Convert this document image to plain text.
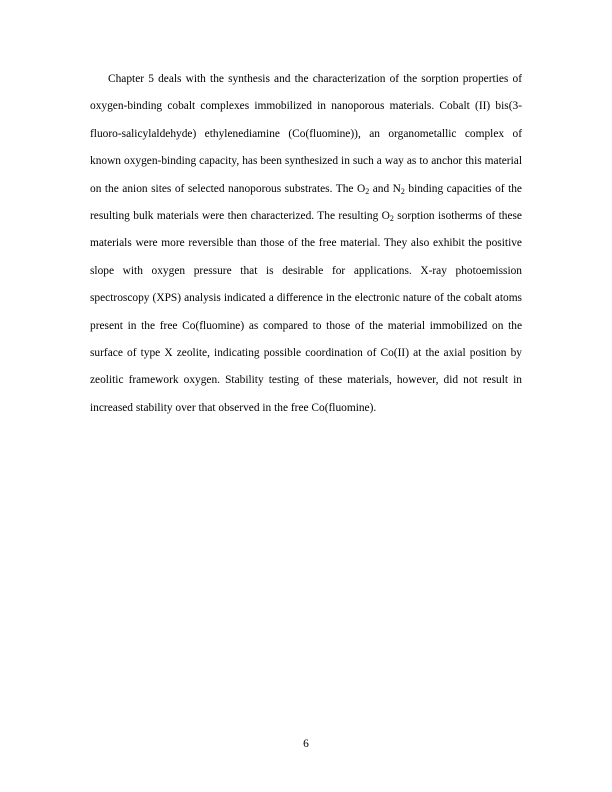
Chapter 5 deals with the synthesis and the characterization of the sorption properties of oxygen-binding cobalt complexes immobilized in nanoporous materials. Cobalt (II) bis(3-fluoro-salicylaldehyde) ethylenediamine (Co(fluomine)), an organometallic complex of known oxygen-binding capacity, has been synthesized in such a way as to anchor this material on the anion sites of selected nanoporous substrates. The $O_2$ and $N_2$ binding capacities of the resulting bulk materials were then characterized. The resulting $O_2$ sorption isotherms of these materials were more reversible than those of the free material. They also exhibit the positive slope with oxygen pressure that is desirable for applications. X-ray photoemission spectroscopy (XPS) analysis indicated a difference in the electronic nature of the cobalt atoms present in the free Co(fluomine) as compared to those of the material immobilized on the surface of type X zeolite, indicating possible coordination of Co(II) at the axial position by zeolitic framework oxygen. Stability testing of these materials, however, did not result in increased stability over that observed in the free Co(fluomine).

6
